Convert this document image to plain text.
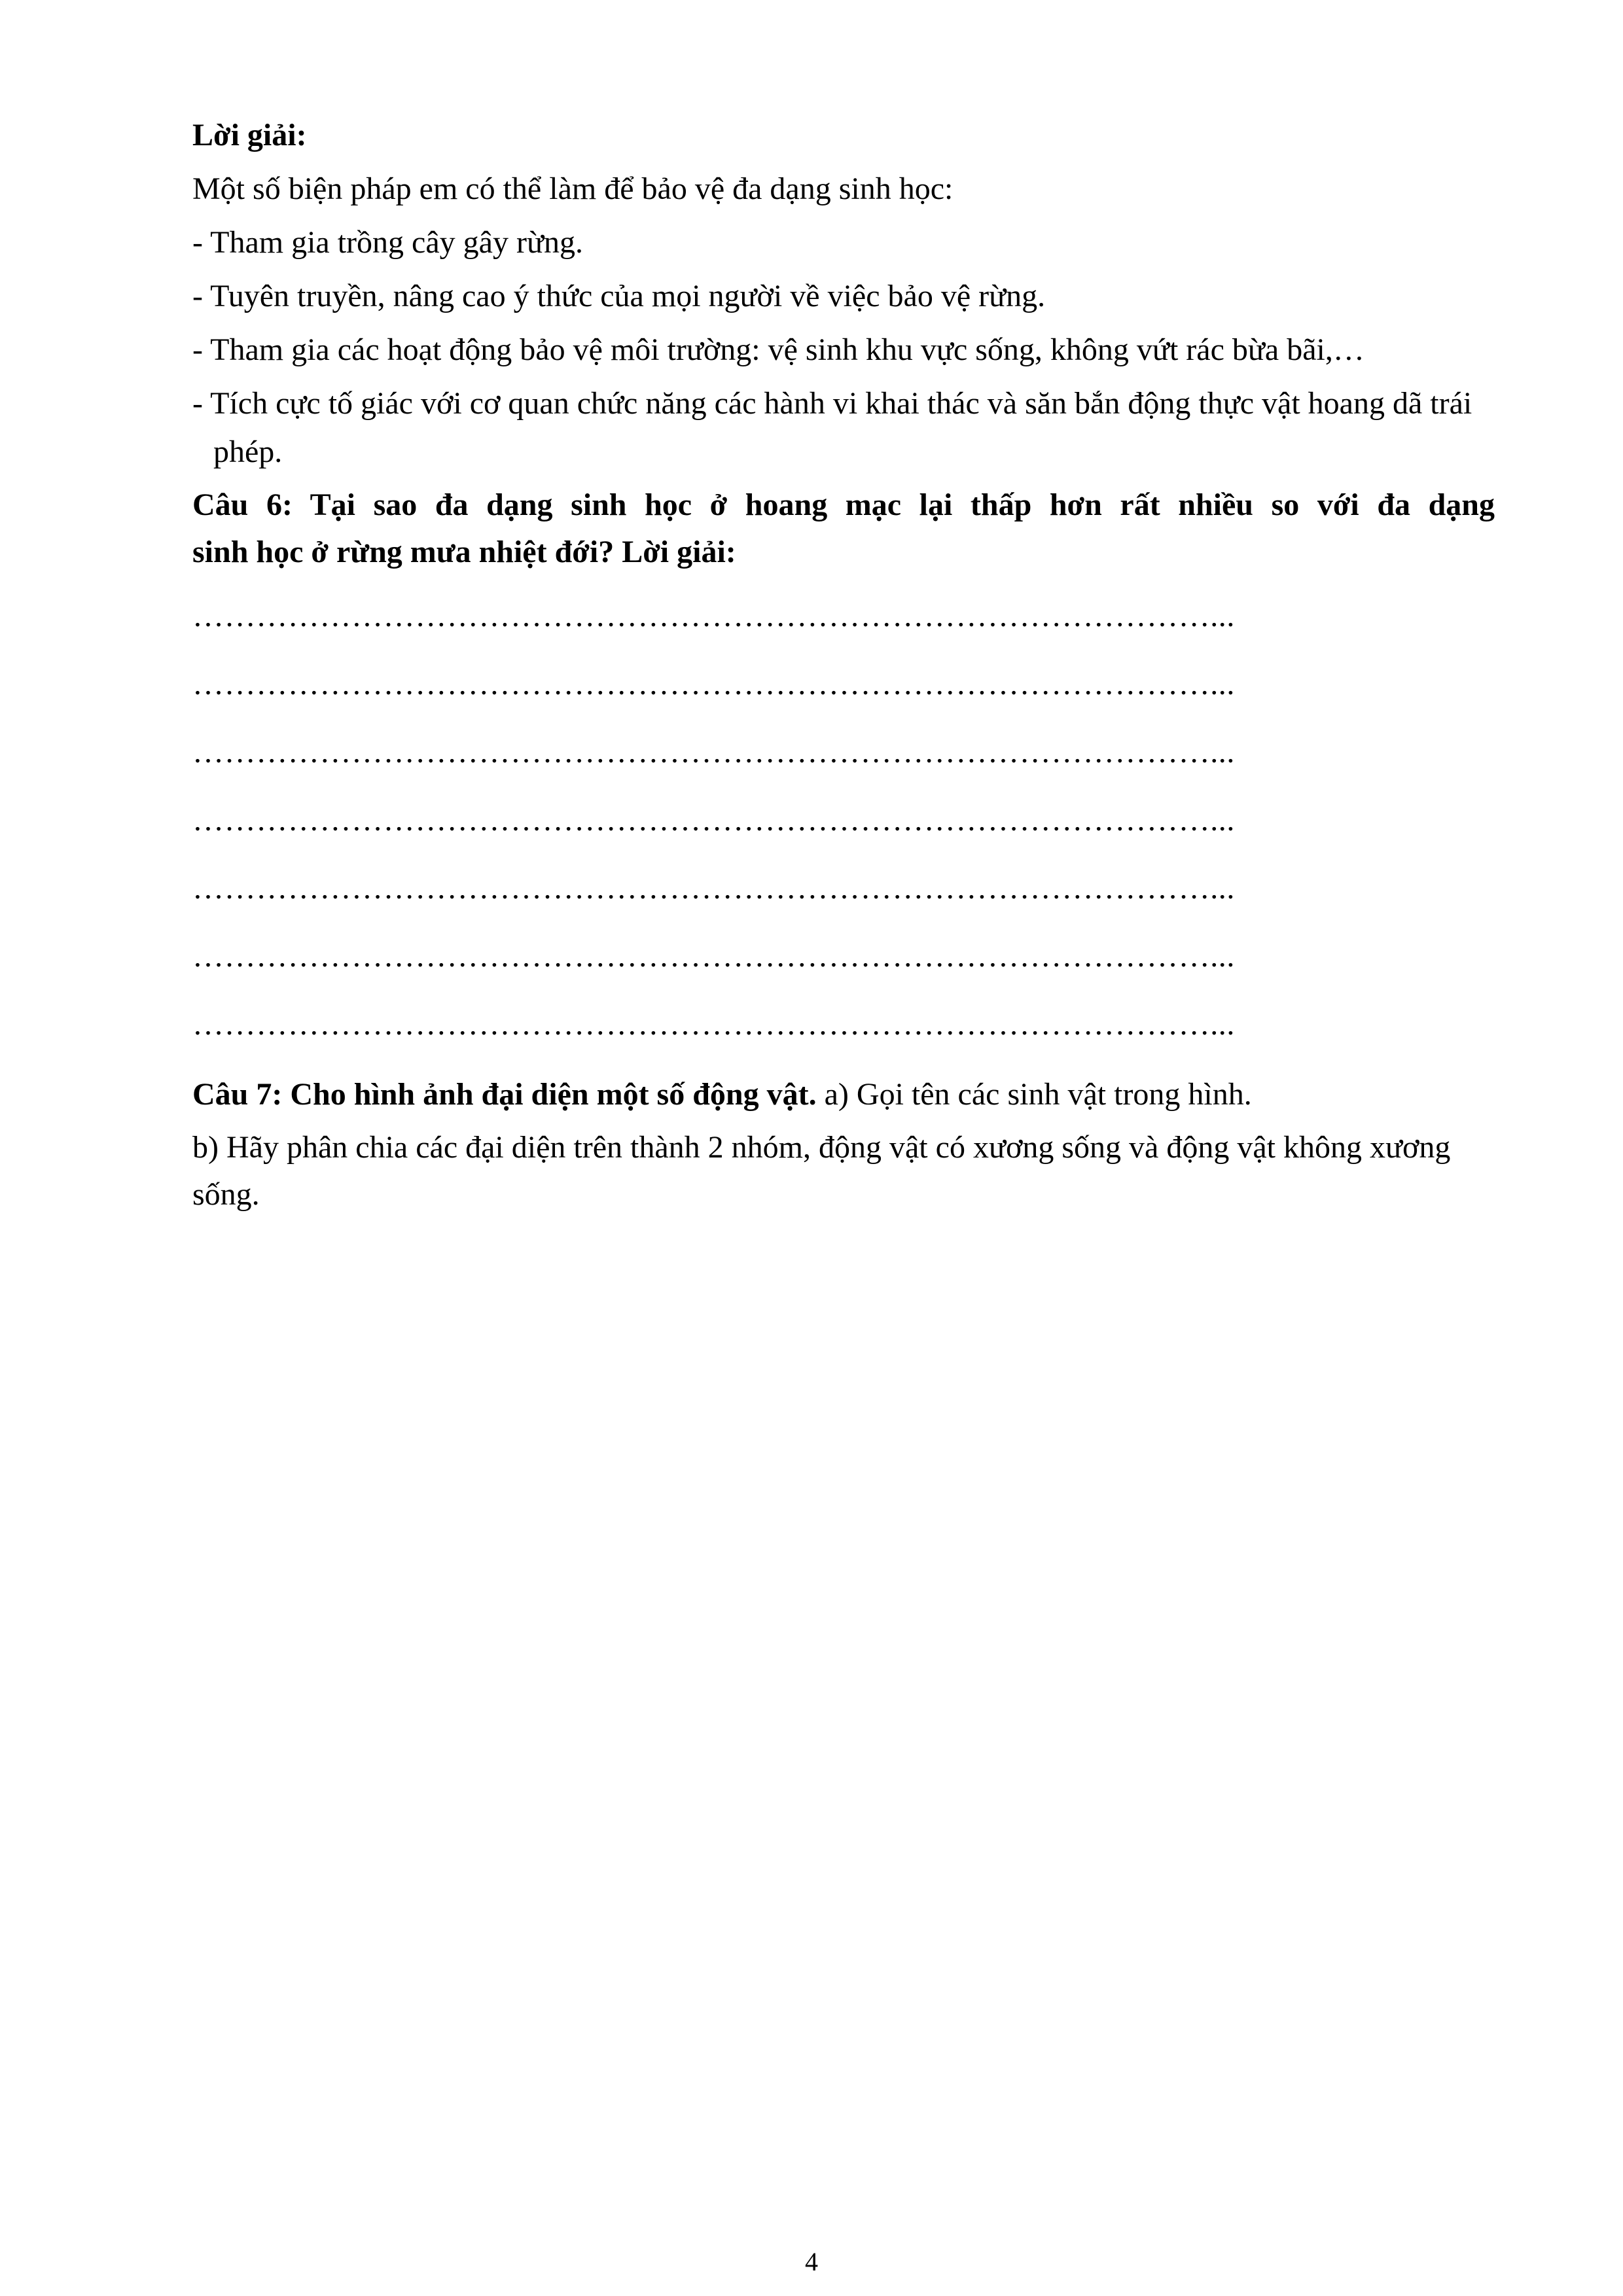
Lời giải:

Một số biện pháp em có thể làm để bảo vệ đa dạng sinh học:

- Tham gia trồng cây gây rừng.

- Tuyên truyền, nâng cao ý thức của mọi người về việc bảo vệ rừng.

- Tham gia các hoạt động bảo vệ môi trường: vệ sinh khu vực sống, không vứt rác bừa bãi,…

- Tích cực tố giác với cơ quan chức năng các hành vi khai thác và săn bắn động thực vật hoang dã trái phép.

Câu 6: Tại sao đa dạng sinh học ở hoang mạc lại thấp hơn rất nhiều so với đa dạng
sinh học ở rừng mưa nhiệt đới? Lời giải:

……………………………………………………………………………………...

……………………………………………………………………………………...

……………………………………………………………………………………...

……………………………………………………………………………………...

……………………………………………………………………………………...

……………………………………………………………………………………...

……………………………………………………………………………………...

Câu 7: Cho hình ảnh đại diện một số động vật. a) Gọi tên các sinh vật trong hình.

b) Hãy phân chia các đại diện trên thành 2 nhóm, động vật có xương sống và động vật không xương sống.

4
